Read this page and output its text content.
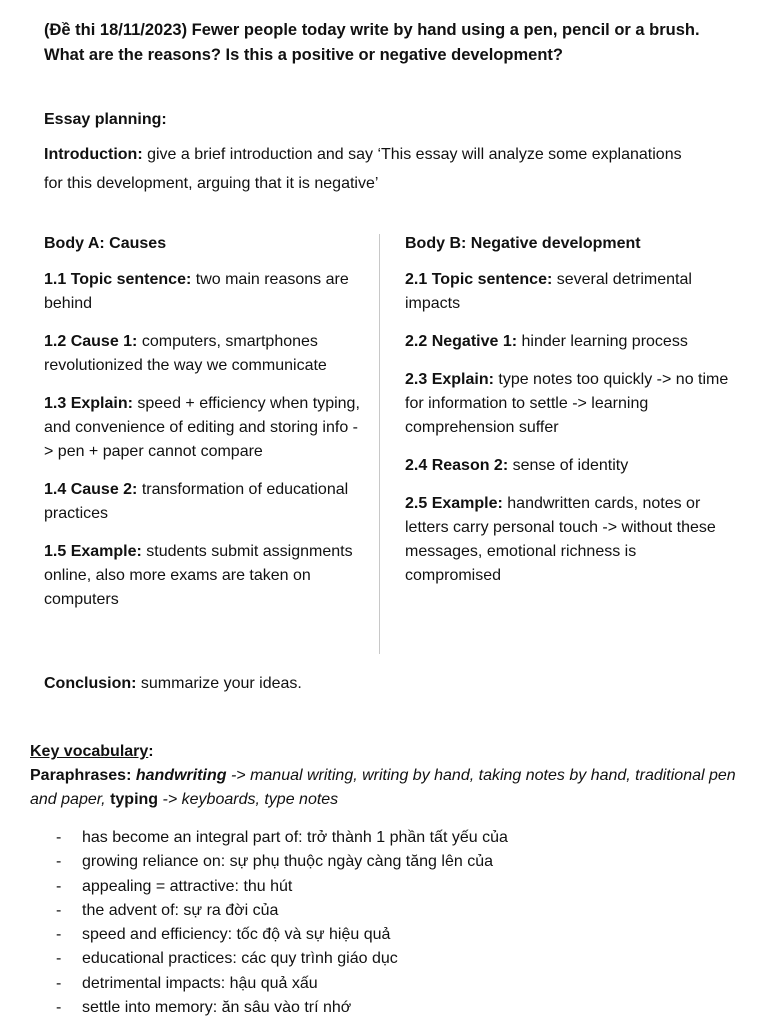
(Đề thi 18/11/2023) Fewer people today write by hand using a pen, pencil or a brush. What are the reasons? Is this a positive or negative development?

Essay planning:

Introduction: give a brief introduction and say ‘This essay will analyze some explanations for this development, arguing that it is negative’

Body A: Causes

1.1 Topic sentence: two main reasons are behind

1.2 Cause 1: computers, smartphones revolutionized the way we communicate

1.3 Explain: speed + efficiency when typing, and convenience of editing and storing info -> pen + paper cannot compare

1.4 Cause 2: transformation of educational practices

1.5 Example: students submit assignments online, also more exams are taken on computers

Body B: Negative development

2.1 Topic sentence: several detrimental impacts

2.2 Negative 1: hinder learning process

2.3 Explain: type notes too quickly -> no time for information to settle -> learning comprehension suffer

2.4 Reason 2: sense of identity

2.5 Example: handwritten cards, notes or letters carry personal touch -> without these messages, emotional richness is compromised

Conclusion: summarize your ideas.

Key vocabulary:

Paraphrases: handwriting -> manual writing, writing by hand, taking notes by hand, traditional pen and paper, typing -> keyboards, type notes

- has become an integral part of: trở thành 1 phần tất yếu của
- growing reliance on: sự phụ thuộc ngày càng tăng lên của
- appealing = attractive: thu hút
- the advent of: sự ra đời của
- speed and efficiency: tốc độ và sự hiệu quả
- educational practices: các quy trình giáo dục
- detrimental impacts: hậu quả xấu
- settle into memory: ăn sâu vào trí nhớ
